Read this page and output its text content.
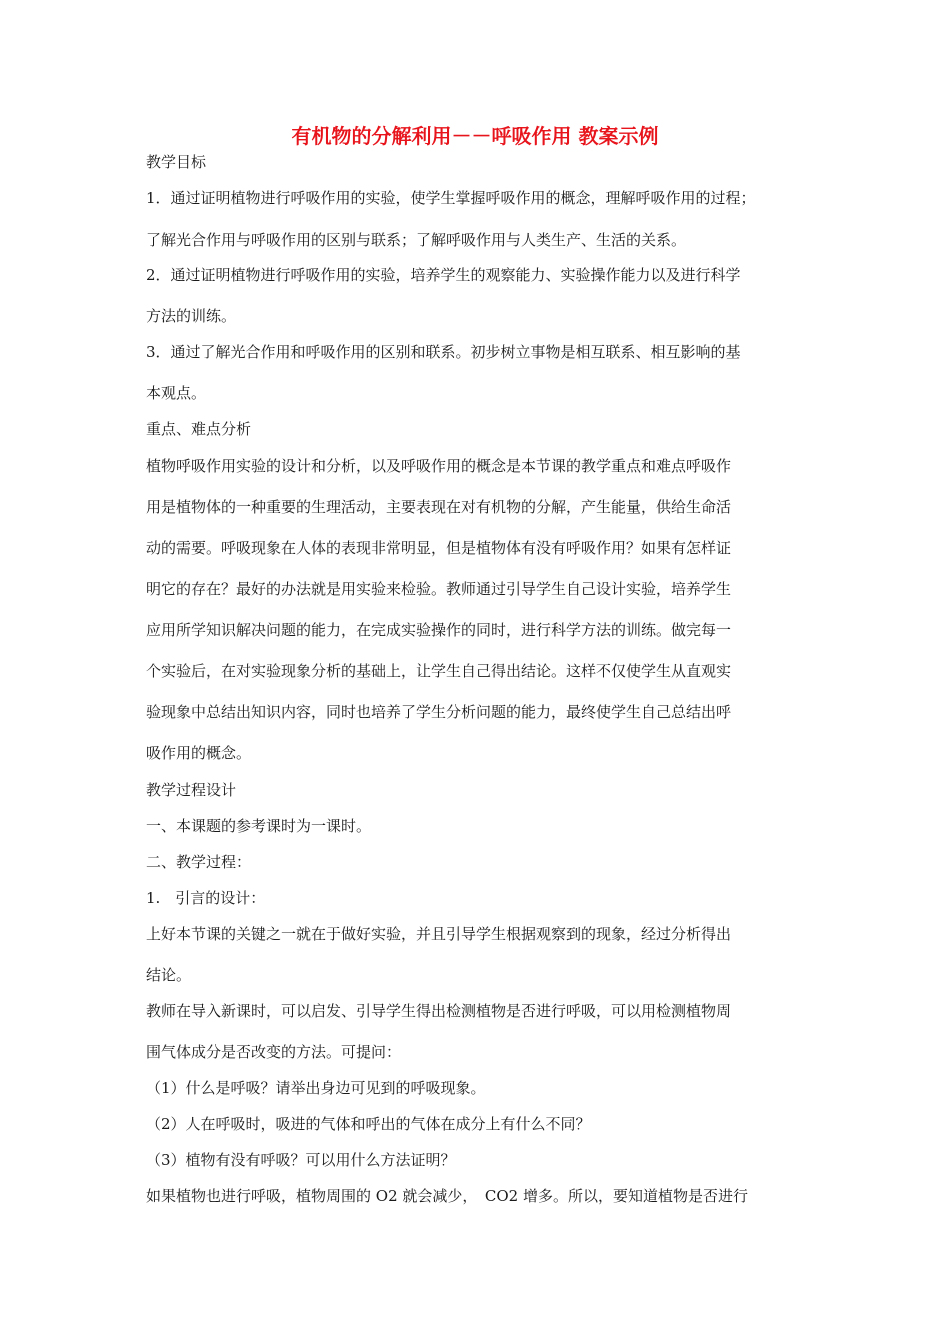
有机物的分解利用－－呼吸作用 教案示例

教学目标

1．通过证明植物进行呼吸作用的实验，使学生掌握呼吸作用的概念，理解呼吸作用的过程；

了解光合作用与呼吸作用的区别与联系；了解呼吸作用与人类生产、生活的关系。

2．通过证明植物进行呼吸作用的实验，培养学生的观察能力、实验操作能力以及进行科学

方法的训练。

3．通过了解光合作用和呼吸作用的区别和联系。初步树立事物是相互联系、相互影响的基

本观点。

重点、难点分析

植物呼吸作用实验的设计和分析，以及呼吸作用的概念是本节课的教学重点和难点呼吸作

用是植物体的一种重要的生理活动，主要表现在对有机物的分解，产生能量，供给生命活

动的需要。呼吸现象在人体的表现非常明显，但是植物体有没有呼吸作用？如果有怎样证

明它的存在？最好的办法就是用实验来检验。教师通过引导学生自己设计实验，培养学生

应用所学知识解决问题的能力，在完成实验操作的同时，进行科学方法的训练。做完每一

个实验后，在对实验现象分析的基础上，让学生自己得出结论。这样不仅使学生从直观实

验现象中总结出知识内容，同时也培养了学生分析问题的能力，最终使学生自己总结出呼

吸作用的概念。

教学过程设计

一、本课题的参考课时为一课时。

二、教学过程：

1.　引言的设计：

上好本节课的关键之一就在于做好实验，并且引导学生根据观察到的现象，经过分析得出

结论。

教师在导入新课时，可以启发、引导学生得出检测植物是否进行呼吸，可以用检测植物周

围气体成分是否改变的方法。可提问：

（1）什么是呼吸？请举出身边可见到的呼吸现象。

（2）人在呼吸时，吸进的气体和呼出的气体在成分上有什么不同？

（3）植物有没有呼吸？可以用什么方法证明？

如果植物也进行呼吸，植物周围的 O2 就会减少，　CO2 增多。所以，要知道植物是否进行
